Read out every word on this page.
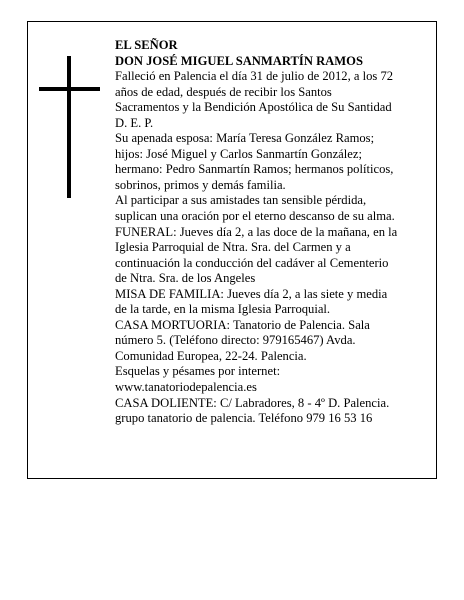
EL SEÑOR
DON JOSÉ MIGUEL SANMARTÍN RAMOS

Falleció en Palencia el día 31 de julio de 2012, a los 72
años de edad, después de recibir los Santos
Sacramentos y la Bendición Apostólica de Su Santidad
D. E. P.

Su apenada esposa: María Teresa González Ramos;
hijos: José Miguel y Carlos Sanmartín González;
hermano: Pedro Sanmartín Ramos; hermanos políticos,
sobrinos, primos y demás familia.

Al participar a sus amistades tan sensible pérdida,
suplican una oración por el eterno descanso de su alma.

FUNERAL: Jueves día 2, a las doce de la mañana, en la
Iglesia Parroquial de Ntra. Sra. del Carmen y a
continuación la conducción del cadáver al Cementerio
de Ntra. Sra. de los Angeles

MISA DE FAMILIA: Jueves día 2, a las siete y media
de la tarde, en la misma Iglesia Parroquial.

CASA MORTUORIA: Tanatorio de Palencia. Sala
número 5. (Teléfono directo: 979165467) Avda.
Comunidad Europea, 22-24. Palencia.

Esquelas y pésames por internet:
www.tanatoriodepalencia.es

CASA DOLIENTE: C/ Labradores, 8 - 4º D. Palencia.

grupo tanatorio de palencia. Teléfono 979 16 53 16
